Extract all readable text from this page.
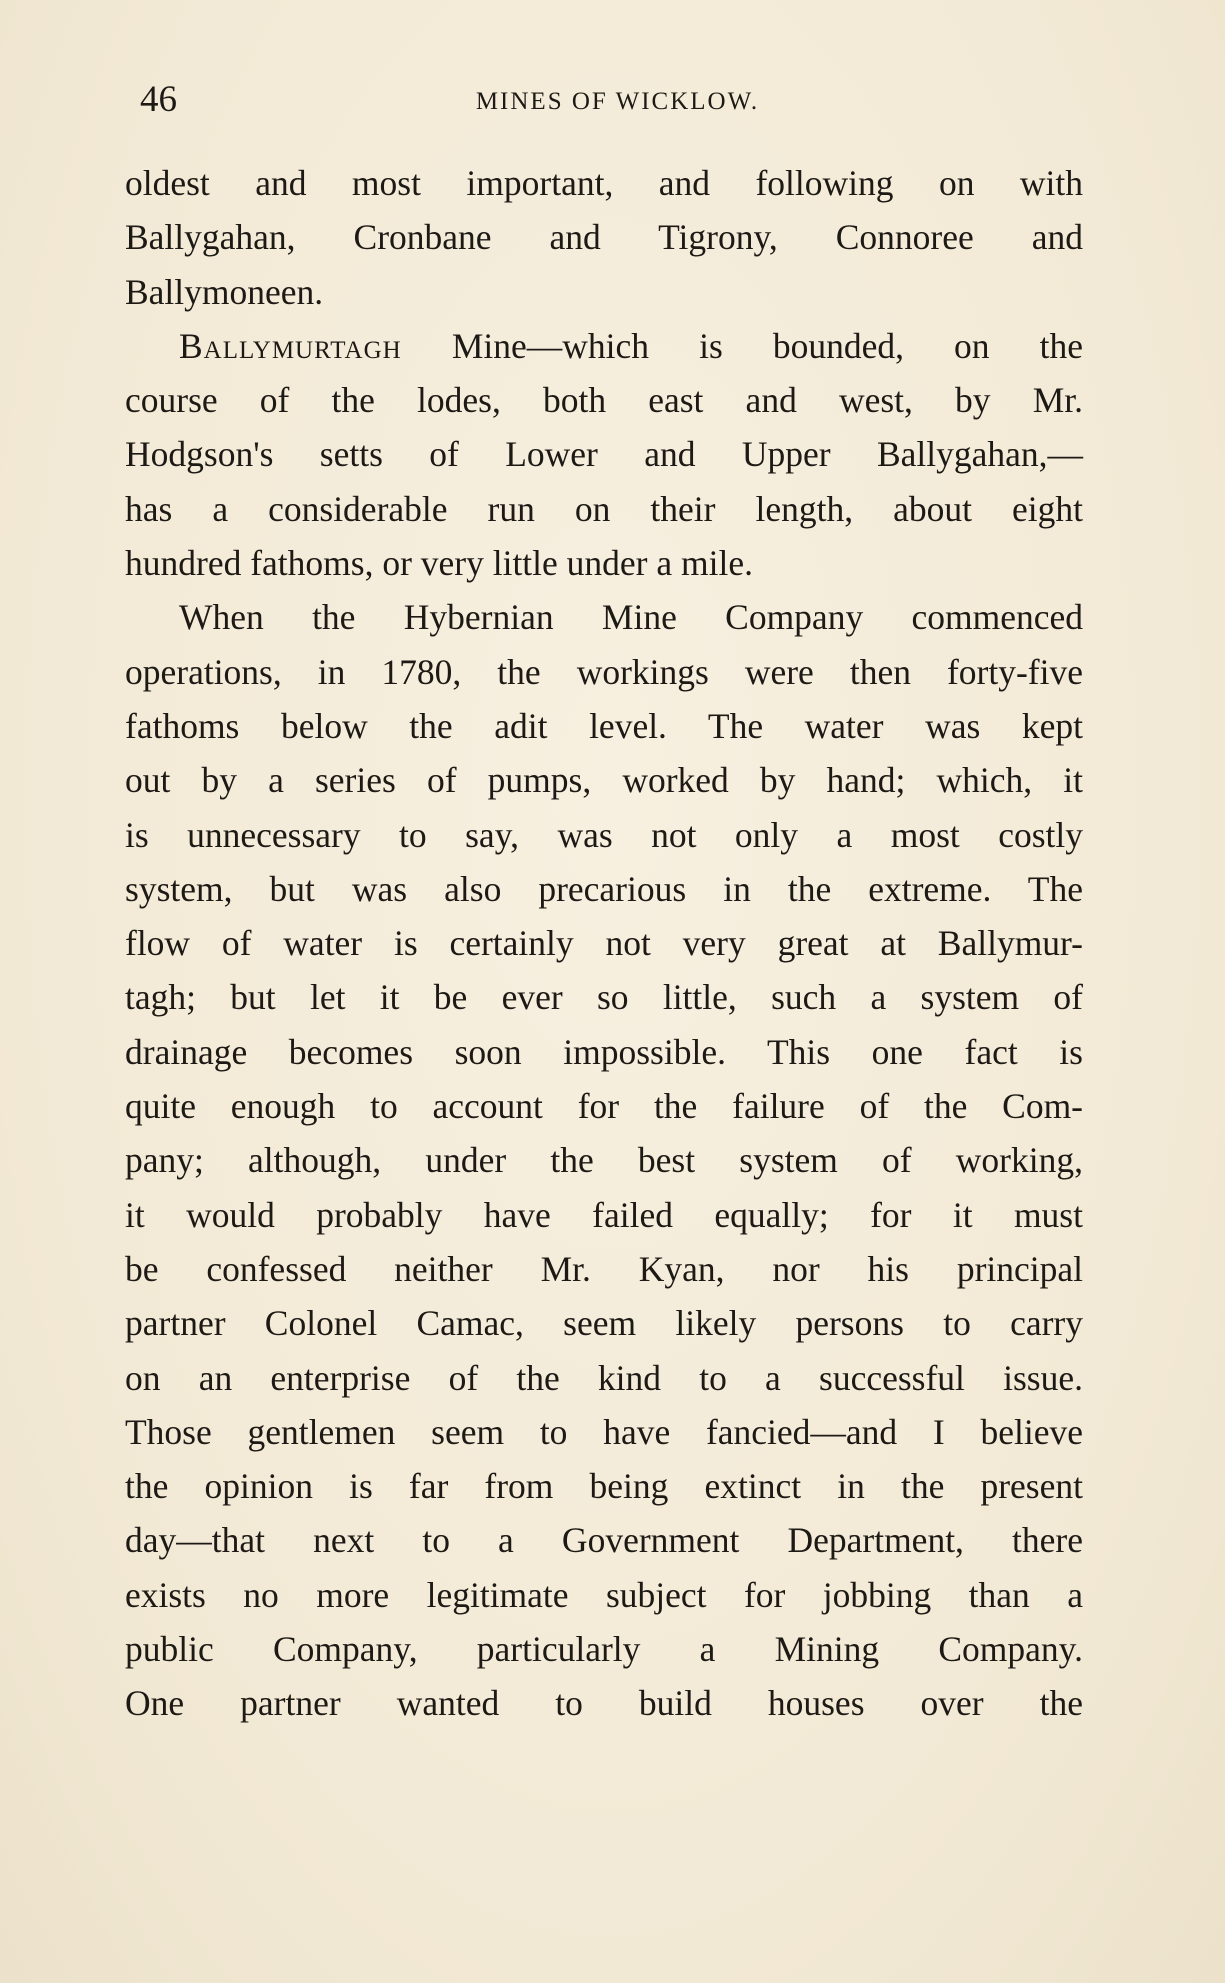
46	MINES OF WICKLOW.
oldest and most important, and following on with
Ballygahan, Cronbane and Tigrony, Connoree and
Ballymoneen.
Ballymurtagh Mine—which is bounded, on the
course of the lodes, both east and west, by Mr.
Hodgson's setts of Lower and Upper Ballygahan,—
has a considerable run on their length, about eight
hundred fathoms, or very little under a mile.
When the Hybernian Mine Company commenced
operations, in 1780, the workings were then forty-five
fathoms below the adit level. The water was kept
out by a series of pumps, worked by hand; which, it
is unnecessary to say, was not only a most costly
system, but was also precarious in the extreme. The
flow of water is certainly not very great at Ballymur-
tagh; but let it be ever so little, such a system of
drainage becomes soon impossible. This one fact is
quite enough to account for the failure of the Com-
pany; although, under the best system of working,
it would probably have failed equally; for it must
be confessed neither Mr. Kyan, nor his principal
partner Colonel Camac, seem likely persons to carry
on an enterprise of the kind to a successful issue.
Those gentlemen seem to have fancied—and I believe
the opinion is far from being extinct in the present
day—that next to a Government Department, there
exists no more legitimate subject for jobbing than a
public Company, particularly a Mining Company.
One partner wanted to build houses over the
